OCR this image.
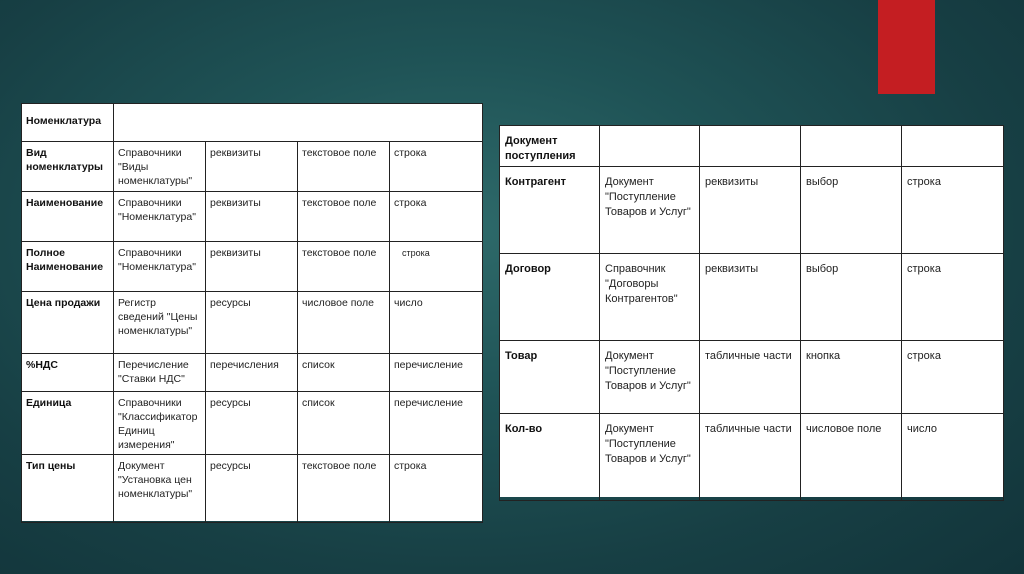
Номенклатура				
Вид номенклатуры	Справочники "Виды номенклатуры"	реквизиты	текстовое поле	строка
Наименование	Справочники "Номенклатура"	реквизиты	текстовое поле	строка
Полное Наименование	Справочники "Номенклатура"	реквизиты	текстовое поле	строка
Цена продажи	Регистр сведений "Цены номенклатуры"	ресурсы	числовое поле	число
%НДС	Перечисление "Ставки НДС"	перечисления	список	перечисление
Единица	Справочники "Классификатор Единиц измерения"	ресурсы	список	перечисление
Тип цены	Документ "Установка цен номенклатуры"	ресурсы	текстовое поле	строка
Документ поступления				
Контрагент	Документ "Поступление Товаров и Услуг"	реквизиты	выбор	строка
Договор	Справочник "Договоры Контрагентов"	реквизиты	выбор	строка
Товар	Документ "Поступление Товаров и Услуг"	табличные части	кнопка	строка
Кол-во	Документ "Поступление Товаров и Услуг"	табличные части	числовое поле	число
